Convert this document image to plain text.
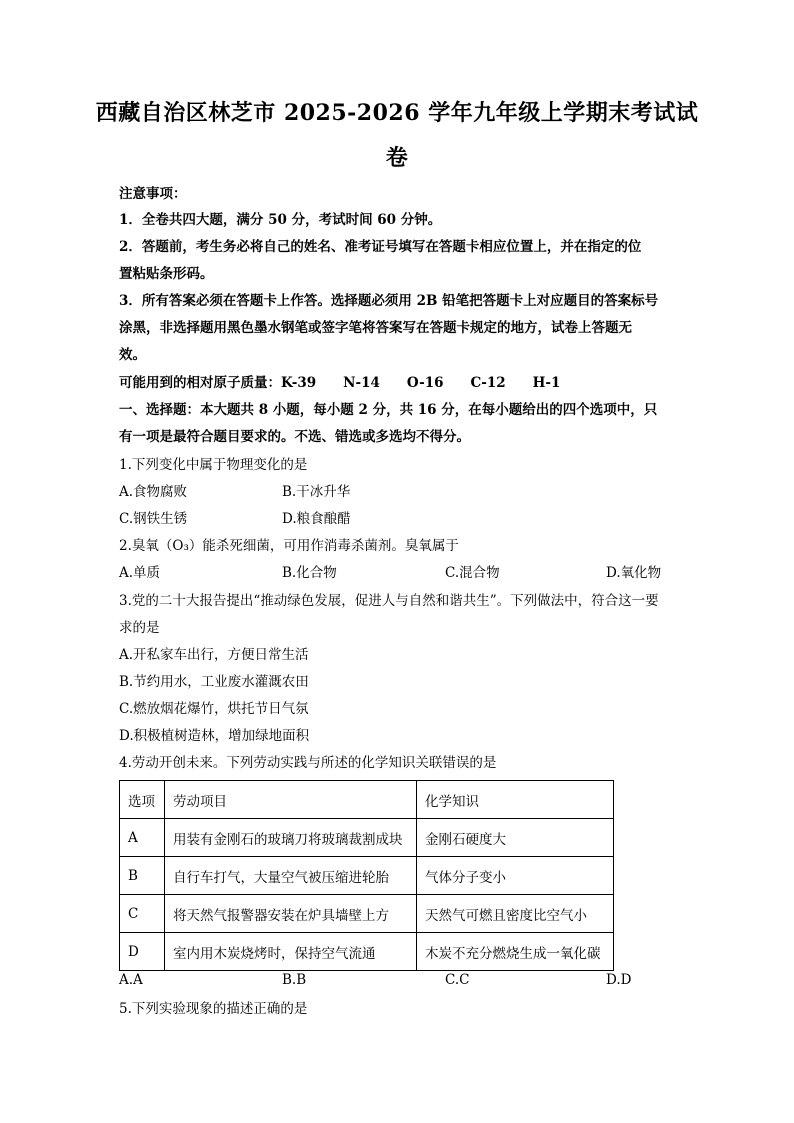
西藏自治区林芝市 2025-2026 学年九年级上学期末考试试
卷
注意事项：
1．全卷共四大题，满分 50 分，考试时间 60 分钟。
2．答题前，考生务必将自己的姓名、准考证号填写在答题卡相应位置上，并在指定的位
置粘贴条形码。
3．所有答案必须在答题卡上作答。选择题必须用 2B 铅笔把答题卡上对应题目的答案标号
涂黑，非选择题用黑色墨水钢笔或签字笔将答案写在答题卡规定的地方，试卷上答题无
效。
可能用到的相对原子质量：K-39　　N-14　　O-16　　C-12　　H-1
一、选择题：本大题共 8 小题，每小题 2 分，共 16 分，在每小题给出的四个选项中，只
有一项是最符合题目要求的。不选、错选或多选均不得分。
1.下列变化中属于物理变化的是
A.食物腐败	B.干冰升华
C.钢铁生锈	D.粮食酿醋
2.臭氧（O₃）能杀死细菌，可用作消毒杀菌剂。臭氧属于
A.单质	B.化合物	C.混合物	D.氧化物
3.党的二十大报告提出“推动绿色发展，促进人与自然和谐共生”。下列做法中，符合这一要
求的是
A.开私家车出行，方便日常生活
B.节约用水，工业废水灌溉农田
C.燃放烟花爆竹，烘托节日气氛
D.积极植树造林，增加绿地面积
4.劳动开创未来。下列劳动实践与所述的化学知识关联错误的是
选项	劳动项目	化学知识
A	用装有金刚石的玻璃刀将玻璃裁割成块	金刚石硬度大
B	自行车打气，大量空气被压缩进轮胎	气体分子变小
C	将天然气报警器安装在炉具墙壁上方	天然气可燃且密度比空气小
D	室内用木炭烧烤时，保持空气流通	木炭不充分燃烧生成一氧化碳
A.A	B.B	C.C	D.D
5.下列实验现象的描述正确的是
